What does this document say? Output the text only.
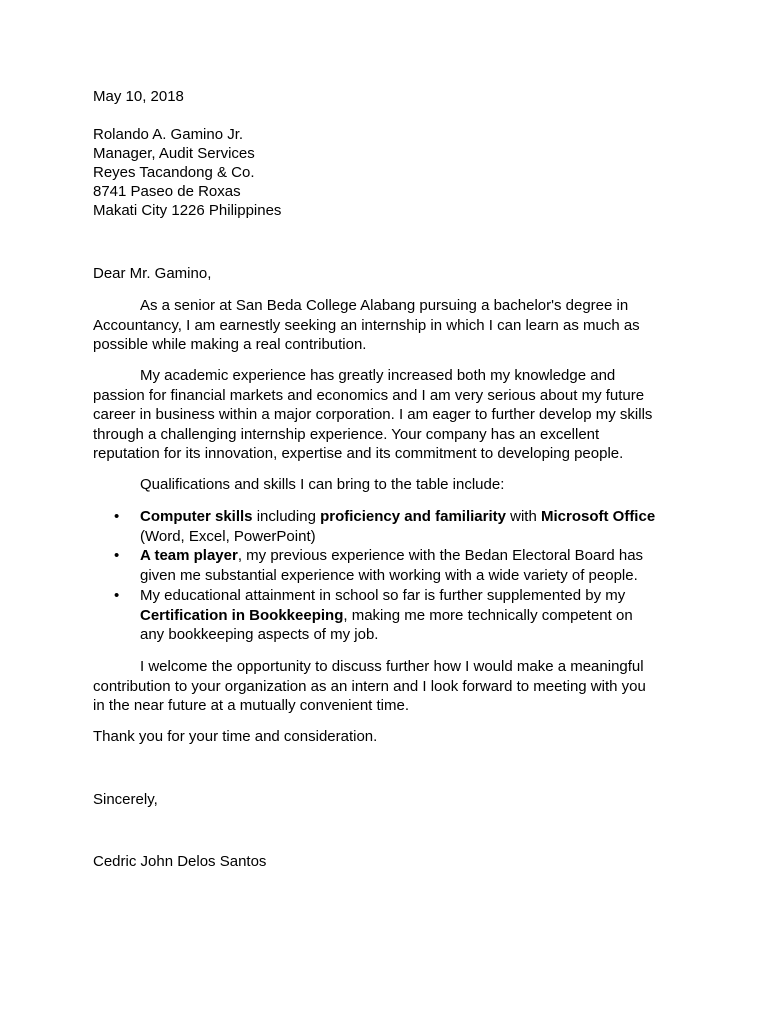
May 10, 2018
Rolando A. Gamino Jr.
Manager, Audit Services
Reyes Tacandong & Co.
8741 Paseo de Roxas
Makati City 1226 Philippines
Dear Mr. Gamino,
As a senior at San Beda College Alabang pursuing a bachelor's degree in
Accountancy, I am earnestly seeking an internship in which I can learn as much as
possible while making a real contribution.
My academic experience has greatly increased both my knowledge and
passion for financial markets and economics and I am very serious about my future
career in business within a major corporation. I am eager to further develop my skills
through a challenging internship experience. Your company has an excellent
reputation for its innovation, expertise and its commitment to developing people.
Qualifications and skills I can bring to the table include:
• Computer skills including proficiency and familiarity with Microsoft Office
(Word, Excel, PowerPoint)
• A team player, my previous experience with the Bedan Electoral Board has
given me substantial experience with working with a wide variety of people.
• My educational attainment in school so far is further supplemented by my
Certification in Bookkeeping, making me more technically competent on
any bookkeeping aspects of my job.
I welcome the opportunity to discuss further how I would make a meaningful
contribution to your organization as an intern and I look forward to meeting with you
in the near future at a mutually convenient time.
Thank you for your time and consideration.
Sincerely,
Cedric John Delos Santos
